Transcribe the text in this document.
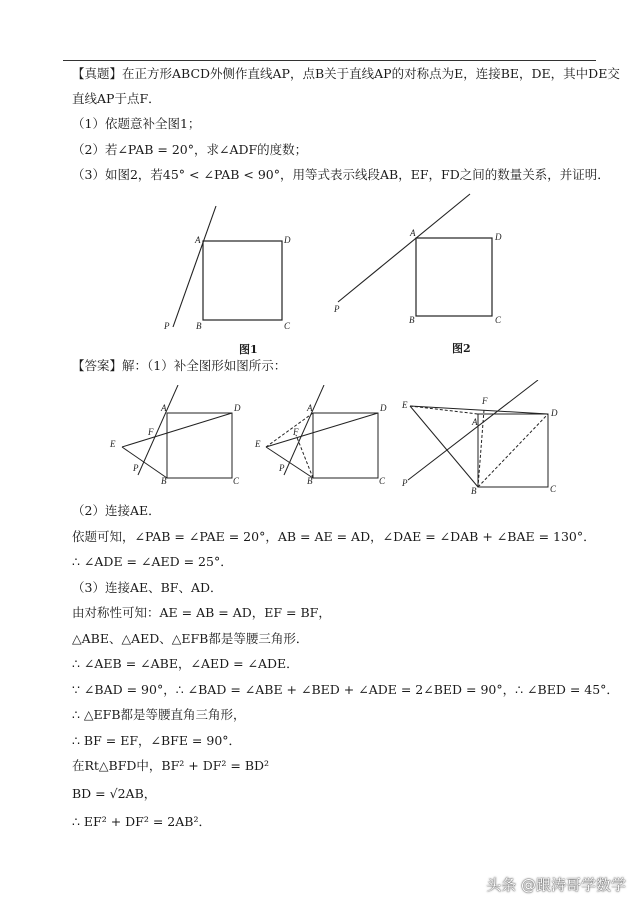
【真题】在正方形ABCD外侧作直线AP，点B关于直线AP的对称点为E，连接BE，DE，其中DE交
直线AP于点F．
（1）依题意补全图1；
（2）若∠PAB = 20°，求∠ADF的度数；
（3）如图2，若45° < ∠PAB < 90°，用等式表示线段AB，EF，FD之间的数量关系，并证明．
A	D
B	C
P
图1
A	D
B	C
P
图2
【答案】解：（1）补全图形如图所示：
A	D
B	C
E
F
P
A	D
B	C
E
F
P
E	F
A
D
B	C
P
（2）连接AE．
依题可知，∠PAB = ∠PAE = 20°，AB = AE = AD，∠DAE = ∠DAB + ∠BAE = 130°．
∴ ∠ADE = ∠AED = 25°．
（3）连接AE、BF、AD．
由对称性可知：AE = AB = AD，EF = BF，
△ABE、△AED、△EFB都是等腰三角形．
∴ ∠AEB = ∠ABE，∠AED = ∠ADE．
∵ ∠BAD = 90°，∴ ∠BAD = ∠ABE + ∠BED + ∠ADE = 2∠BED = 90°，∴ ∠BED = 45°．
∴ △EFB都是等腰直角三角形，
∴ BF = EF，∠BFE = 90°．
在Rt△BFD中，BF² + DF² = BD²
BD = √2AB，
∴ EF² + DF² = 2AB²．
头条 @跟涛哥学数学
